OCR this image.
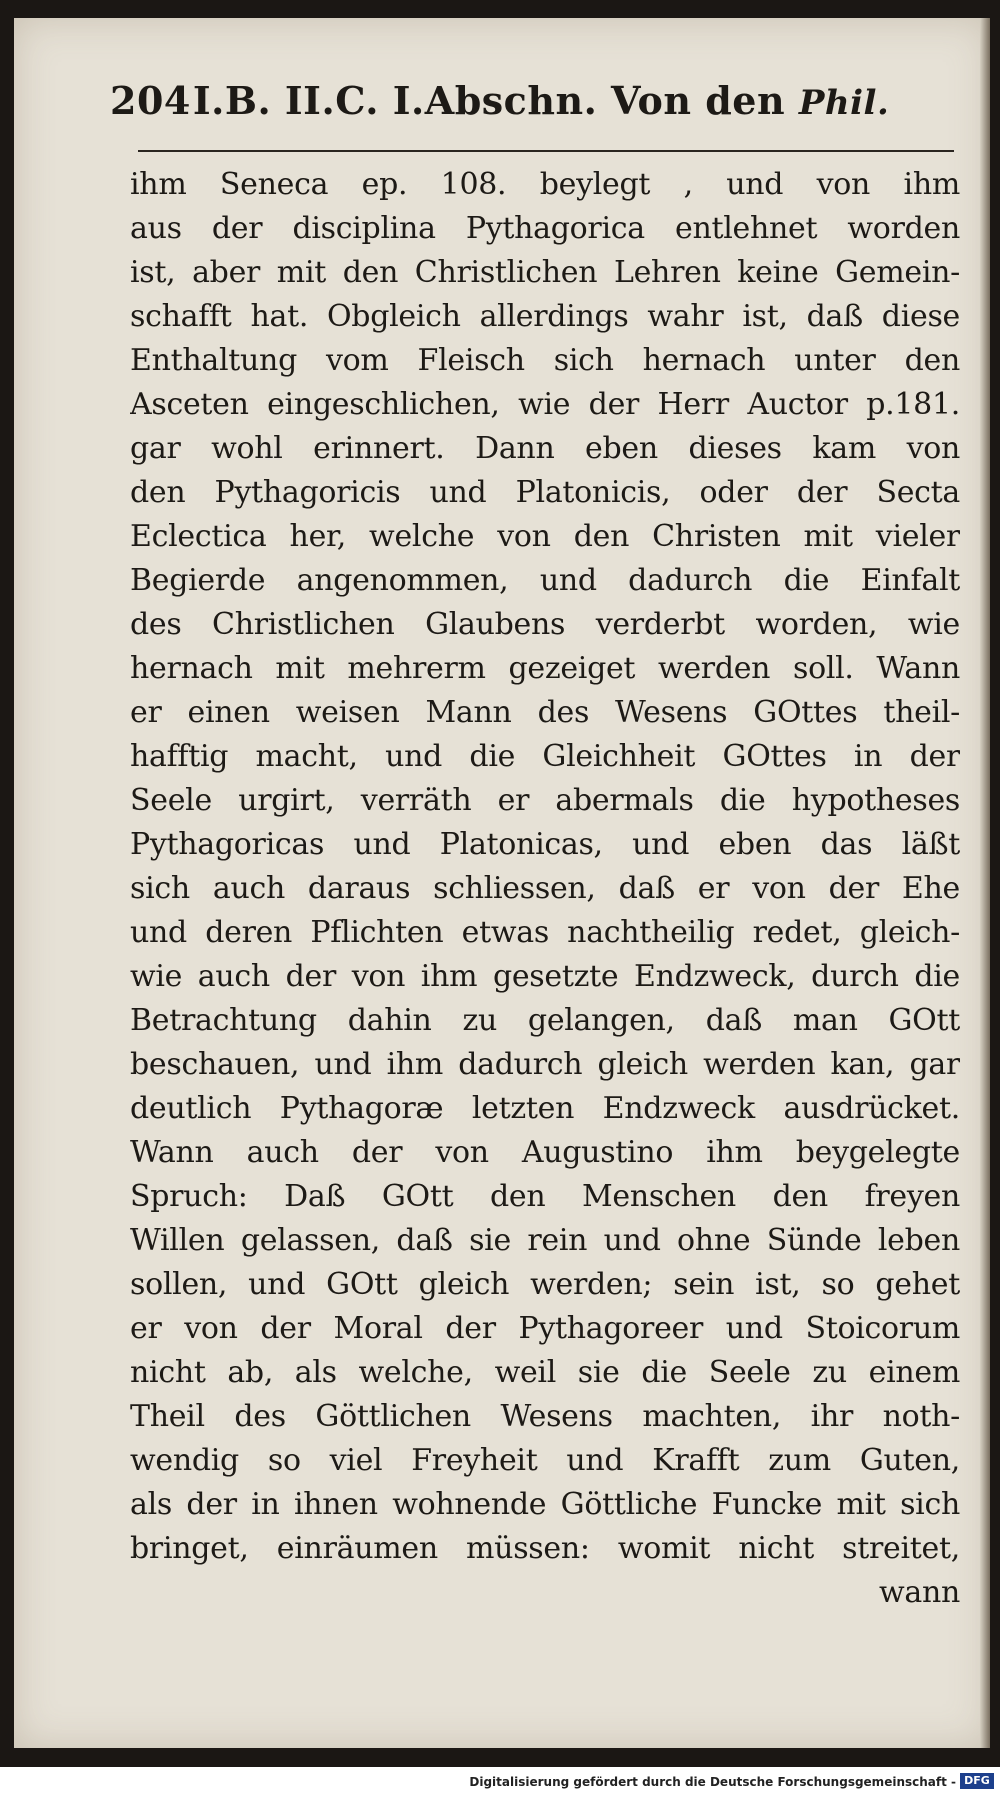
204I.B. II.C. I.Abschn. Von den Phil.
ihm Seneca ep. 108. beylegt , und von ihm
aus der disciplina Pythagorica entlehnet worden
ist, aber mit den Christlichen Lehren keine Gemein-
schafft hat. Obgleich allerdings wahr ist, daß diese
Enthaltung vom Fleisch sich hernach unter den
Asceten eingeschlichen, wie der Herr Auctor p.181.
gar wohl erinnert. Dann eben dieses kam von
den Pythagoricis und Platonicis, oder der Secta
Eclectica her, welche von den Christen mit vieler
Begierde angenommen, und dadurch die Einfalt
des Christlichen Glaubens verderbt worden, wie
hernach mit mehrerm gezeiget werden soll. Wann
er einen weisen Mann des Wesens GOttes theil-
hafftig macht, und die Gleichheit GOttes in der
Seele urgirt, verräth er abermals die hypotheses
Pythagoricas und Platonicas, und eben das läßt
sich auch daraus schliessen, daß er von der Ehe
und deren Pflichten etwas nachtheilig redet, gleich-
wie auch der von ihm gesetzte Endzweck, durch die
Betrachtung dahin zu gelangen, daß man GOtt
beschauen, und ihm dadurch gleich werden kan, gar
deutlich Pythagoræ letzten Endzweck ausdrücket.
Wann auch der von Augustino ihm beygelegte
Spruch: Daß GOtt den Menschen den freyen
Willen gelassen, daß sie rein und ohne Sünde leben
sollen, und GOtt gleich werden; sein ist, so gehet
er von der Moral der Pythagoreer und Stoicorum
nicht ab, als welche, weil sie die Seele zu einem
Theil des Göttlichen Wesens machten, ihr noth-
wendig so viel Freyheit und Krafft zum Guten,
als der in ihnen wohnende Göttliche Funcke mit sich
bringet, einräumen müssen: womit nicht streitet,
wann
Digitalisierung gefördert durch die Deutsche Forschungsgemeinschaft - DFG
